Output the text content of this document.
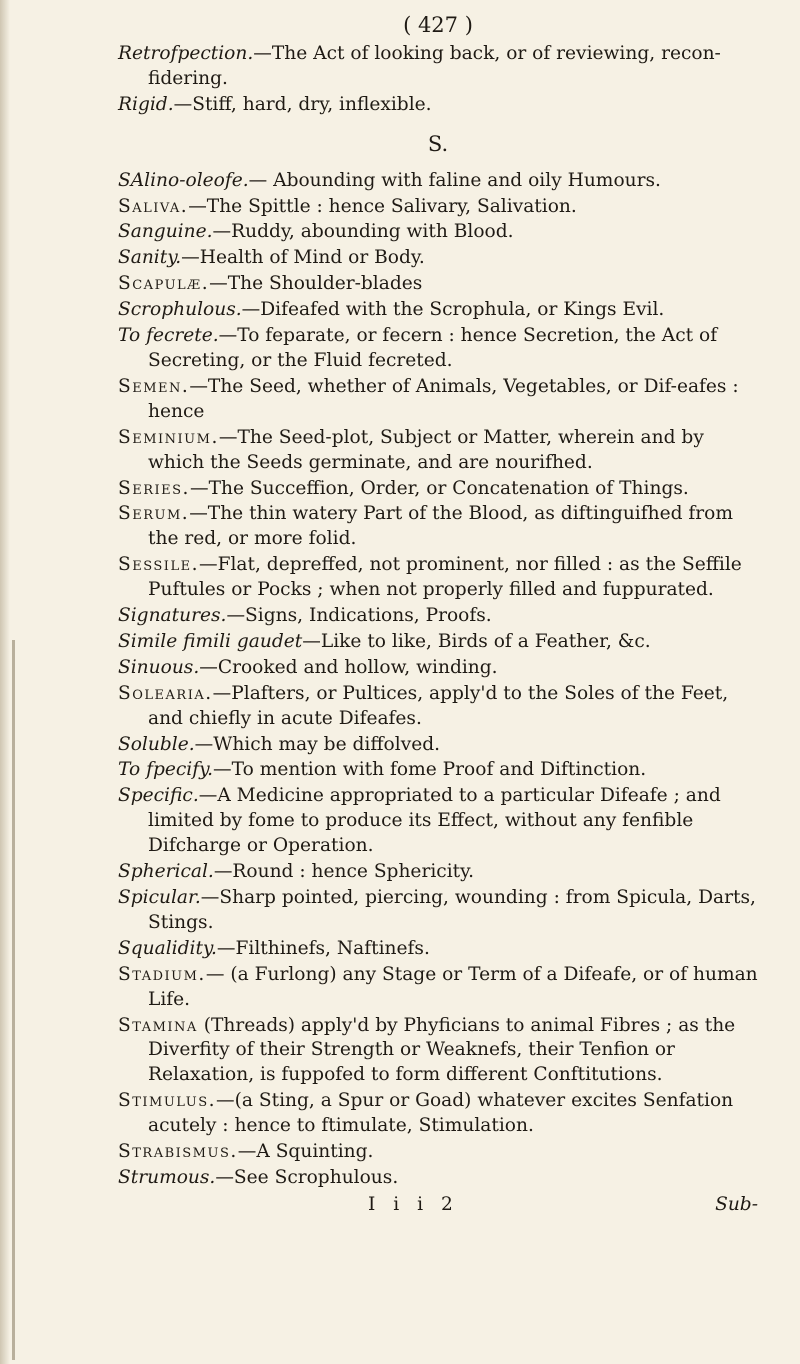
( 427 )

Retrofpection.—The Act of looking back, or of reviewing, recon-fidering.

Rigid.—Stiff, hard, dry, inflexible.

S.

SAlino-oleofe.— Abounding with faline and oily Humours.

Saliva.—The Spittle : hence Salivary, Salivation.

Sanguine.—Ruddy, abounding with Blood.

Sanity.—Health of Mind or Body.

Scapulæ.—The Shoulder-blades

Scrophulous.—Difeafed with the Scrophula, or Kings Evil.

To fecrete.—To feparate, or fecern : hence Secretion, the Act of Secreting, or the Fluid fecreted.

Semen.—The Seed, whether of Animals, Vegetables, or Dif-eafes : hence

Seminium.—The Seed-plot, Subject or Matter, wherein and by which the Seeds germinate, and are nourifhed.

Series.—The Succeffion, Order, or Concatenation of Things.

Serum.—The thin watery Part of the Blood, as diftinguifhed from the red, or more folid.

Sessile.—Flat, depreffed, not prominent, nor filled : as the Seffile Puftules or Pocks ; when not properly filled and fuppurated.

Signatures.—Signs, Indications, Proofs.

Simile fimili gaudet—Like to like, Birds of a Feather, &c.

Sinuous.—Crooked and hollow, winding.

Solearia.—Plafters, or Pultices, apply'd to the Soles of the Feet, and chiefly in acute Difeafes.

Soluble.—Which may be diffolved.

To fpecify.—To mention with fome Proof and Diftinction.

Specific.—A Medicine appropriated to a particular Difeafe ; and limited by fome to produce its Effect, without any fenfible Difcharge or Operation.

Spherical.—Round : hence Sphericity.

Spicular.—Sharp pointed, piercing, wounding : from Spicula, Darts, Stings.

Squalidity.—Filthinefs, Naftinefs.

Stadium.— (a Furlong) any Stage or Term of a Difeafe, or of human Life.

Stamina (Threads) apply'd by Phyficians to animal Fibres ; as the Diverfity of their Strength or Weaknefs, their Tenfion or Relaxation, is fuppofed to form different Conftitutions.

Stimulus.—(a Sting, a Spur or Goad) whatever excites Senfation acutely : hence to ftimulate, Stimulation.

Strabismus.—A Squinting.

Strumous.—See Scrophulous.

I i i 2	Sub-
